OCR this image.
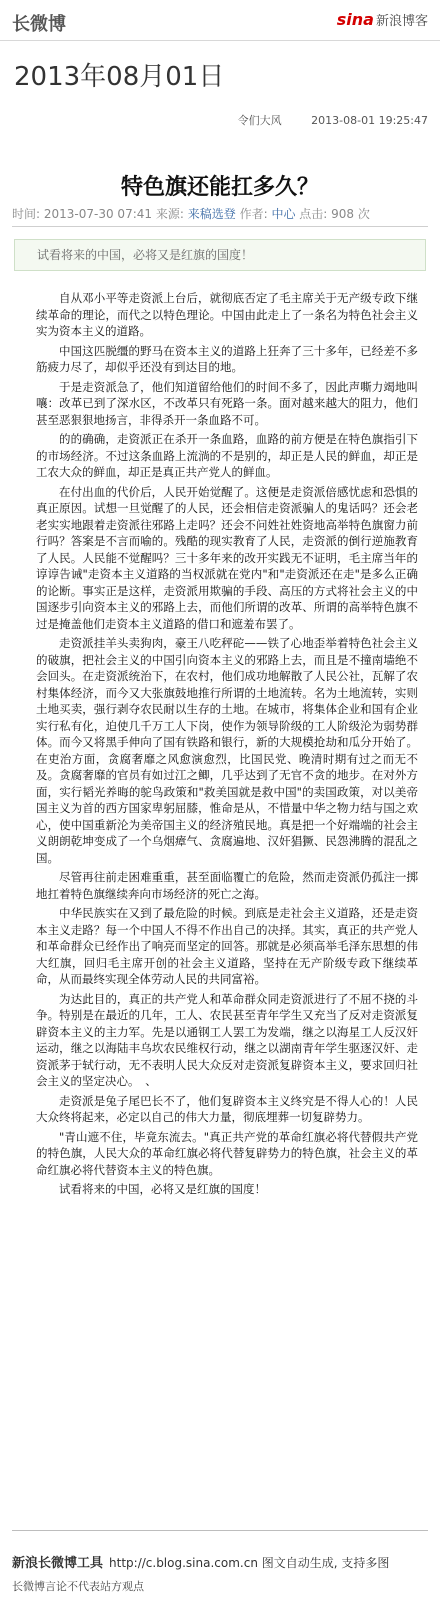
长微博	sina 新浪博客
2013年08月01日
令们大风	2013-08-01 19:25:47
特色旗还能扛多久？
时间: 2013-07-30 07:41 来源: 来稿选登 作者: 中心 点击: 908 次
试看将来的中国，必将又是红旗的国度！

自从邓小平等走资派上台后，就彻底否定了毛主席关于无产级专政下继续革命的理论，而代之以特色理论。中国由此走上了一条名为特色社会主义实为资本主义的道路。

中国这匹脱缰的野马在资本主义的道路上狂奔了三十多年，已经差不多筋疲力尽了，却似乎还没有到达目的地。

于是走资派急了，他们知道留给他们的时间不多了，因此声嘶力竭地叫嚷：改革已到了深水区，不改革只有死路一条。面对越来越大的阻力，他们甚至恶狠狠地扬言，非得杀开一条血路不可。

的的确确，走资派正在杀开一条血路，血路的前方便是在特色旗指引下的市场经济。不过这条血路上流淌的不是别的，却正是人民的鲜血，却正是工农大众的鲜血，却正是真正共产党人的鲜血。

在付出血的代价后，人民开始觉醒了。这便是走资派倍感忧虑和恐惧的真正原因。试想一旦觉醒了的人民，还会相信走资派骗人的鬼话吗？还会老老实实地跟着走资派往邪路上走吗？还会不问姓社姓资地高举特色旗窗力前行吗？答案是不言而喻的。残酷的现实教育了人民，走资派的倒行逆施教育了人民。人民能不觉醒吗？三十多年来的改开实践无不证明，毛主席当年的谆谆告诫"走资本主义道路的当权派就在党内"和"走资派还在走"是多么正确的论断。事实正是这样，走资派用欺骗的手段、高压的方式将社会主义的中国逐步引向资本主义的邪路上去，而他们所谓的改革、所谓的高举特色旗不过是掩盖他们走资本主义道路的借口和遮羞布罢了。

走资派挂羊头卖狗肉，豪王八吃秤砣——铁了心地歪举着特色社会主义的破旗，把社会主义的中国引向资本主义的邪路上去，而且是不撞南墙绝不会回头。在走资派统治下，在农村，他们成功地解散了人民公社，瓦解了农村集体经济，而今又大张旗鼓地推行所谓的土地流转。名为土地流转，实则土地买卖，强行剥夺农民耐以生存的土地。在城市，将集体企业和国有企业实行私有化，迫使几千万工人下岗，使作为领导阶级的工人阶级沦为弱势群体。而今又将黑手伸向了国有铁路和银行，新的大规模抢劫和瓜分开始了。在吏治方面，贪腐奢靡之风愈演愈烈，比国民党、晚清时期有过之而无不及。贪腐奢靡的官员有如过江之鲫，几乎达到了无官不贪的地步。在对外方面，实行韬光养晦的鸵鸟政策和"救美国就是救中国"的卖国政策，对以美帝国主义为首的西方国家卑躬屈膝，惟命是从，不惜量中华之物力结与国之欢心，使中国重新沦为美帝国主义的经济殖民地。真是把一个好端端的社会主义朗朗乾坤变成了一个乌烟瘴气、贪腐遍地、汉奸猖獗、民怨沸腾的混乱之国。

尽管再往前走困难重重，甚至面临覆亡的危险，然而走资派仍孤注一掷地扛着特色旗继续奔向市场经济的死亡之海。

中华民族实在又到了最危险的时候。到底是走社会主义道路，还是走资本主义走路？每一个中国人不得不作出自己的决择。其实，真正的共产党人和革命群众已经作出了响亮而坚定的回答。那就是必须高举毛泽东思想的伟大红旗，回归毛主席开创的社会主义道路，坚持在无产阶级专政下继续革命，从而最终实现全体劳动人民的共同富裕。

为达此目的，真正的共产党人和革命群众同走资派进行了不屈不挠的斗争。特别是在最近的几年，工人、农民甚至青年学生又充当了反对走资派复辟资本主义的主力军。先是以通钢工人罢工为发端，继之以海星工人反汉奸运动，继之以海陆丰乌坎农民维权行动，继之以湖南青年学生驱逐汉奸、走资派茅于轼行动，无不表明人民大众反对走资派复辟资本主义，要求回归社会主义的坚定决心。　、

走资派是兔子尾巴长不了，他们复辟资本主义终究是不得人心的！人民大众终将起来，必定以自己的伟大力量，彻底埋葬一切复辟势力。

"青山遮不住，毕竟东流去。"真正共产党的革命红旗必将代替假共产党的特色旗，人民大众的革命红旗必将代替复辟势力的特色旗，社会主义的革命红旗必将代替资本主义的特色旗。

试看将来的中国，必将又是红旗的国度！

新浪长微博工具 http://c.blog.sina.com.cn 图文自动生成, 支持多图
长微博言论不代表站方观点
